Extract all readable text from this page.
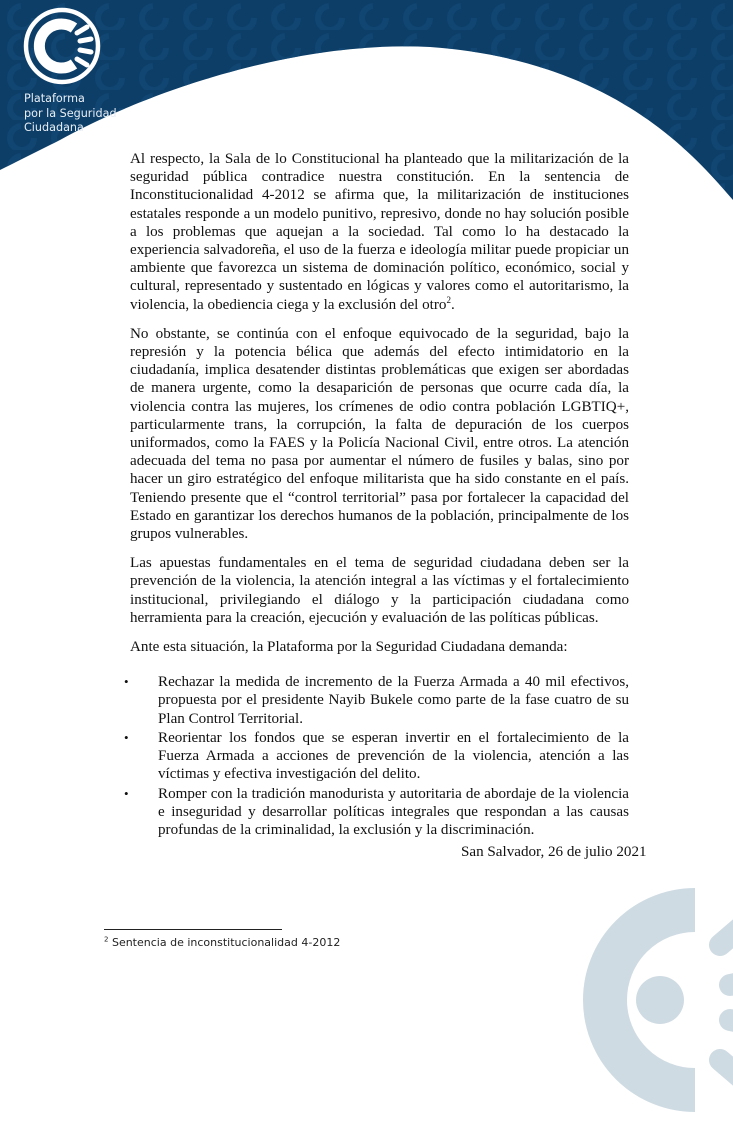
Plataforma
por la Seguridad
Ciudadana

Al respecto, la Sala de lo Constitucional ha planteado que la militarización de la seguridad pública contradice nuestra constitución. En la sentencia de Inconstitucionalidad 4-2012 se afirma que, la militarización de instituciones estatales responde a un modelo punitivo, represivo, donde no hay solución posible a los problemas que aquejan a la sociedad. Tal como lo ha destacado la experiencia salvadoreña, el uso de la fuerza e ideología militar puede propiciar un ambiente que favorezca un sistema de dominación político, económico, social y cultural, representado y sustentado en lógicas y valores como el autoritarismo, la violencia, la obediencia ciega y la exclusión del otro$^2$.

No obstante, se continúa con el enfoque equivocado de la seguridad, bajo la represión y la potencia bélica que además del efecto intimidatorio en la ciudadanía, implica desatender distintas problemáticas que exigen ser abordadas de manera urgente, como la desaparición de personas que ocurre cada día, la violencia contra las mujeres, los crímenes de odio contra población LGBTIQ+, particularmente trans, la corrupción, la falta de depuración de los cuerpos uniformados, como la FAES y la Policía Nacional Civil, entre otros. La atención adecuada del tema no pasa por aumentar el número de fusiles y balas, sino por hacer un giro estratégico del enfoque militarista que ha sido constante en el país. Teniendo presente que el “control territorial” pasa por fortalecer la capacidad del Estado en garantizar los derechos humanos de la población, principalmente de los grupos vulnerables.

Las apuestas fundamentales en el tema de seguridad ciudadana deben ser la prevención de la violencia, la atención integral a las víctimas y el fortalecimiento institucional, privilegiando el diálogo y la participación ciudadana como herramienta para la creación, ejecución y evaluación de las políticas públicas.

Ante esta situación, la Plataforma por la Seguridad Ciudadana demanda:

• Rechazar la medida de incremento de la Fuerza Armada a 40 mil efectivos, propuesta por el presidente Nayib Bukele como parte de la fase cuatro de su Plan Control Territorial.
• Reorientar los fondos que se esperan invertir en el fortalecimiento de la Fuerza Armada a acciones de prevención de la violencia, atención a las víctimas y efectiva investigación del delito.
• Romper con la tradición manodurista y autoritaria de abordaje de la violencia e inseguridad y desarrollar políticas integrales que respondan a las causas profundas de la criminalidad, la exclusión y la discriminación.
San Salvador, 26 de julio 2021
$^2$ Sentencia de inconstitucionalidad 4-2012
